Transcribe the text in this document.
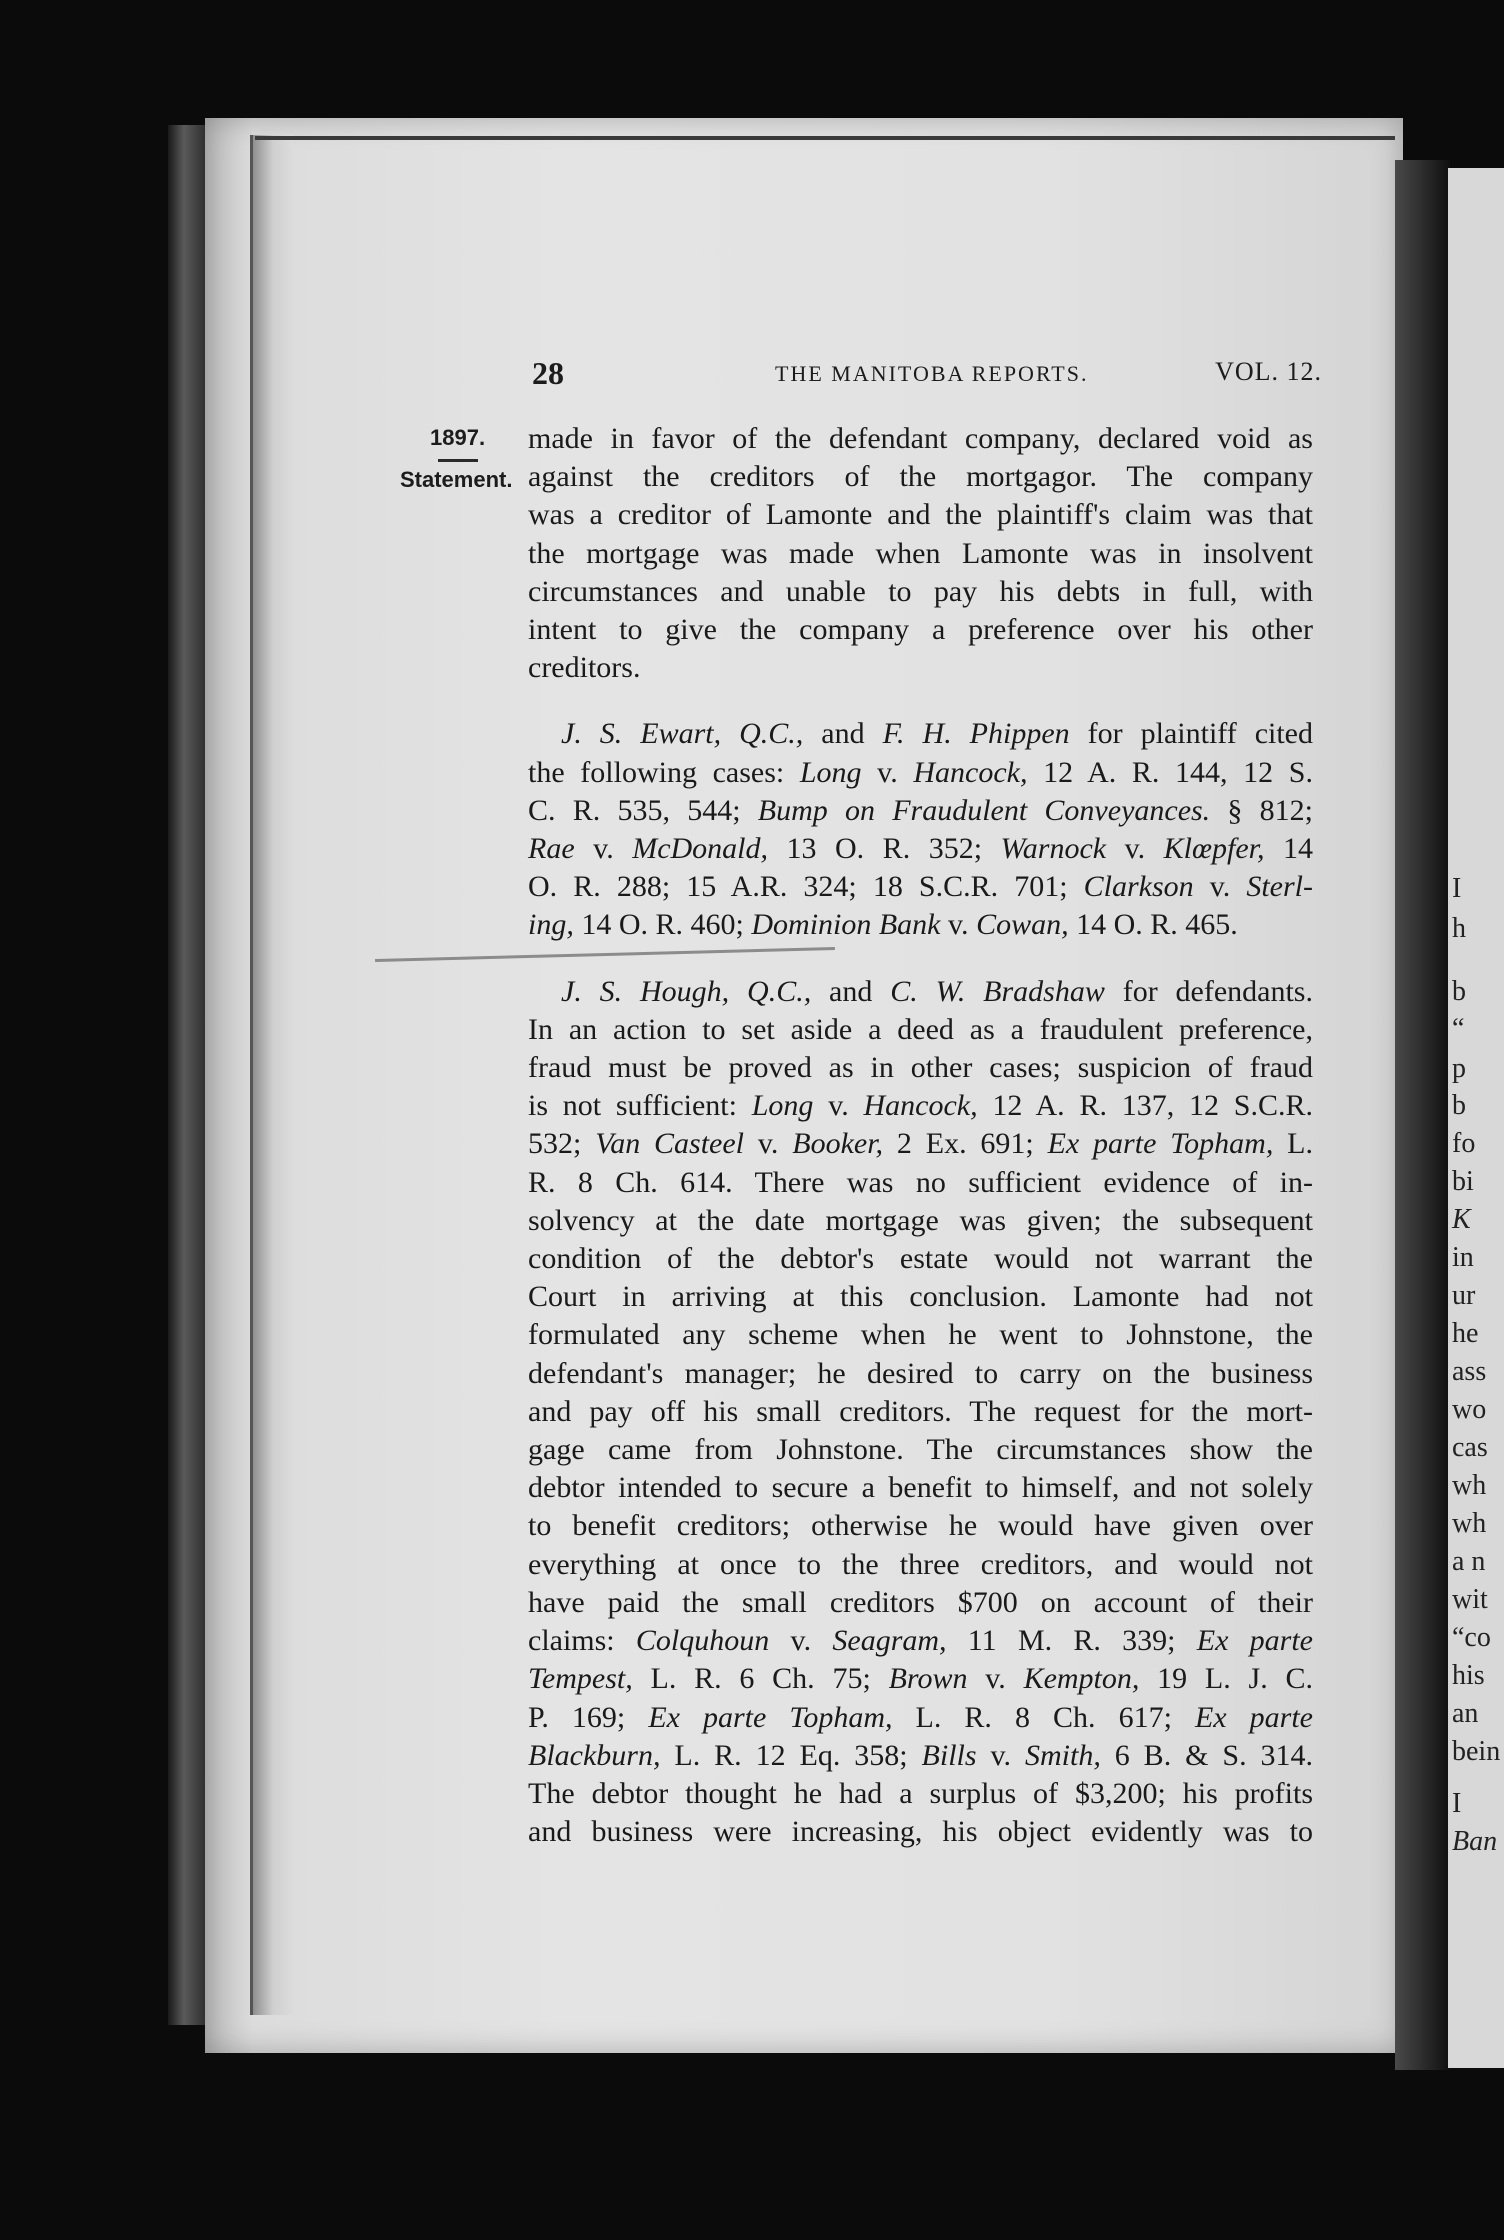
I
h
b
“
p
b
fo
bi
K
in
ur
he
ass
wo
cas
wh
wh
a n
wit
“co
his
an
bein
I
Ban
28	THE MANITOBA REPORTS.	VOL. 12.
1897.
Statement.

made in favor of the defendant company, declared void as
against the creditors of the mortgagor. The company
was a creditor of Lamonte and the plaintiff's claim was that
the mortgage was made when Lamonte was in insolvent
circumstances and unable to pay his debts in full, with
intent to give the company a preference over his other
creditors.

J. S. Ewart, Q.C., and F. H. Phippen for plaintiff cited
the following cases: Long v. Hancock, 12 A. R. 144, 12 S.
C. R. 535, 544; Bump on Fraudulent Conveyances. § 812;
Rae v. McDonald, 13 O. R. 352; Warnock v. Klœpfer, 14
O. R. 288; 15 A.R. 324; 18 S.C.R. 701; Clarkson v. Sterl-
ing, 14 O. R. 460; Dominion Bank v. Cowan, 14 O. R. 465.

J. S. Hough, Q.C., and C. W. Bradshaw for defendants.
In an action to set aside a deed as a fraudulent preference,
fraud must be proved as in other cases; suspicion of fraud
is not sufficient: Long v. Hancock, 12 A. R. 137, 12 S.C.R.
532; Van Casteel v. Booker, 2 Ex. 691; Ex parte Topham, L.
R. 8 Ch. 614. There was no sufficient evidence of in-
solvency at the date mortgage was given; the subsequent
condition of the debtor's estate would not warrant the
Court in arriving at this conclusion. Lamonte had not
formulated any scheme when he went to Johnstone, the
defendant's manager; he desired to carry on the business
and pay off his small creditors. The request for the mort-
gage came from Johnstone. The circumstances show the
debtor intended to secure a benefit to himself, and not solely
to benefit creditors; otherwise he would have given over
everything at once to the three creditors, and would not
have paid the small creditors $700 on account of their
claims: Colquhoun v. Seagram, 11 M. R. 339; Ex parte
Tempest, L. R. 6 Ch. 75; Brown v. Kempton, 19 L. J. C.
P. 169; Ex parte Topham, L. R. 8 Ch. 617; Ex parte
Blackburn, L. R. 12 Eq. 358; Bills v. Smith, 6 B. & S. 314.
The debtor thought he had a surplus of $3,200; his profits
and business were increasing, his object evidently was to
